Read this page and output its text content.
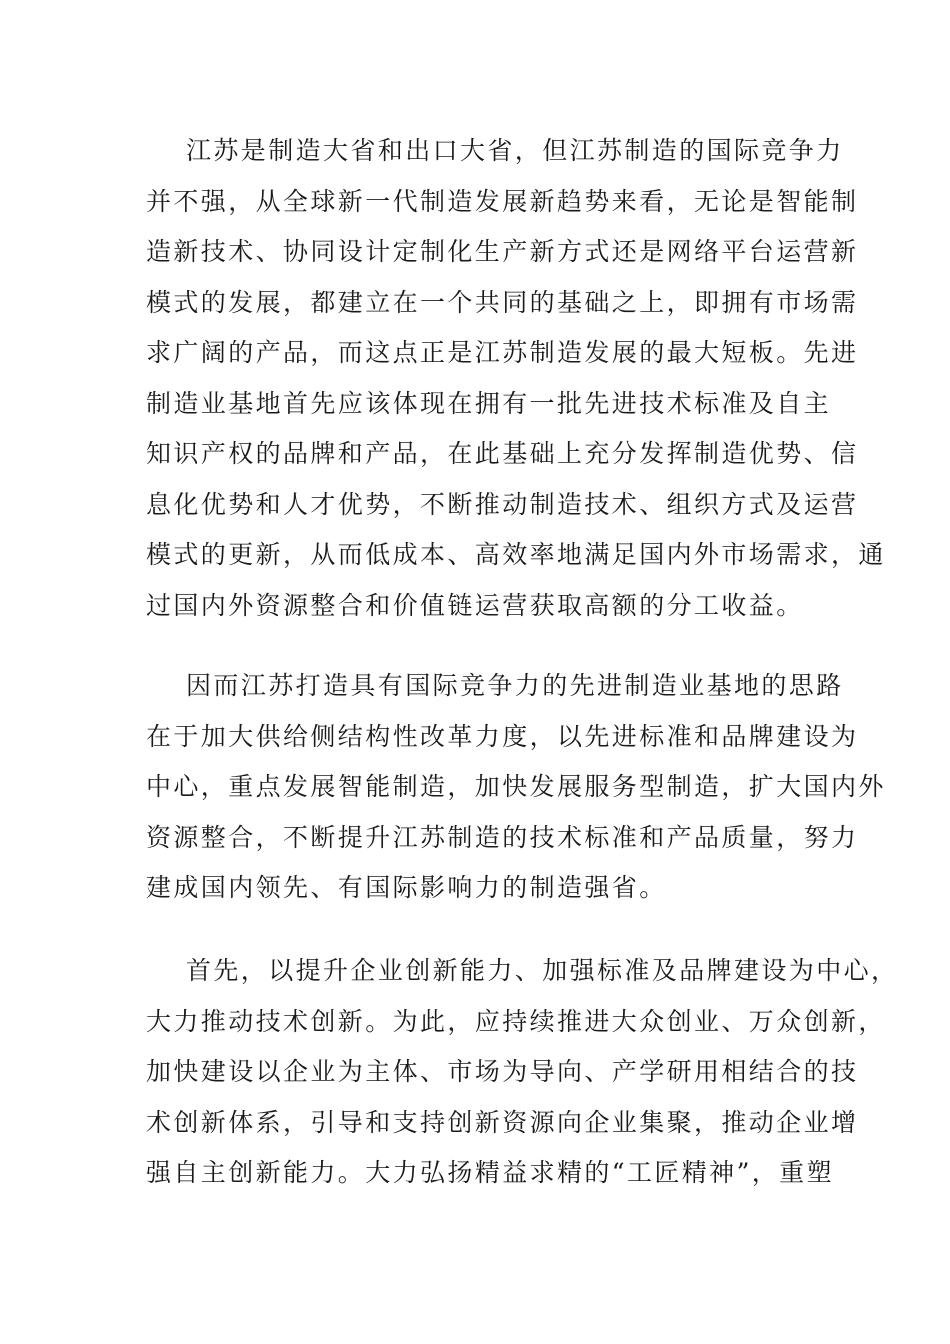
江苏是制造大省和出口大省，但江苏制造的国际竞争力
并不强，从全球新一代制造发展新趋势来看，无论是智能制
造新技术、协同设计定制化生产新方式还是网络平台运营新
模式的发展，都建立在一个共同的基础之上，即拥有市场需
求广阔的产品，而这点正是江苏制造发展的最大短板。先进
制造业基地首先应该体现在拥有一批先进技术标准及自主
知识产权的品牌和产品，在此基础上充分发挥制造优势、信
息化优势和人才优势，不断推动制造技术、组织方式及运营
模式的更新，从而低成本、高效率地满足国内外市场需求，通
过国内外资源整合和价值链运营获取高额的分工收益。
因而江苏打造具有国际竞争力的先进制造业基地的思路
在于加大供给侧结构性改革力度，以先进标准和品牌建设为
中心，重点发展智能制造，加快发展服务型制造，扩大国内外
资源整合，不断提升江苏制造的技术标准和产品质量，努力
建成国内领先、有国际影响力的制造强省。
首先，以提升企业创新能力、加强标准及品牌建设为中心，
大力推动技术创新。为此，应持续推进大众创业、万众创新，
加快建设以企业为主体、市场为导向、产学研用相结合的技
术创新体系，引导和支持创新资源向企业集聚，推动企业增
强自主创新能力。大力弘扬精益求精的“工匠精神”，重塑
